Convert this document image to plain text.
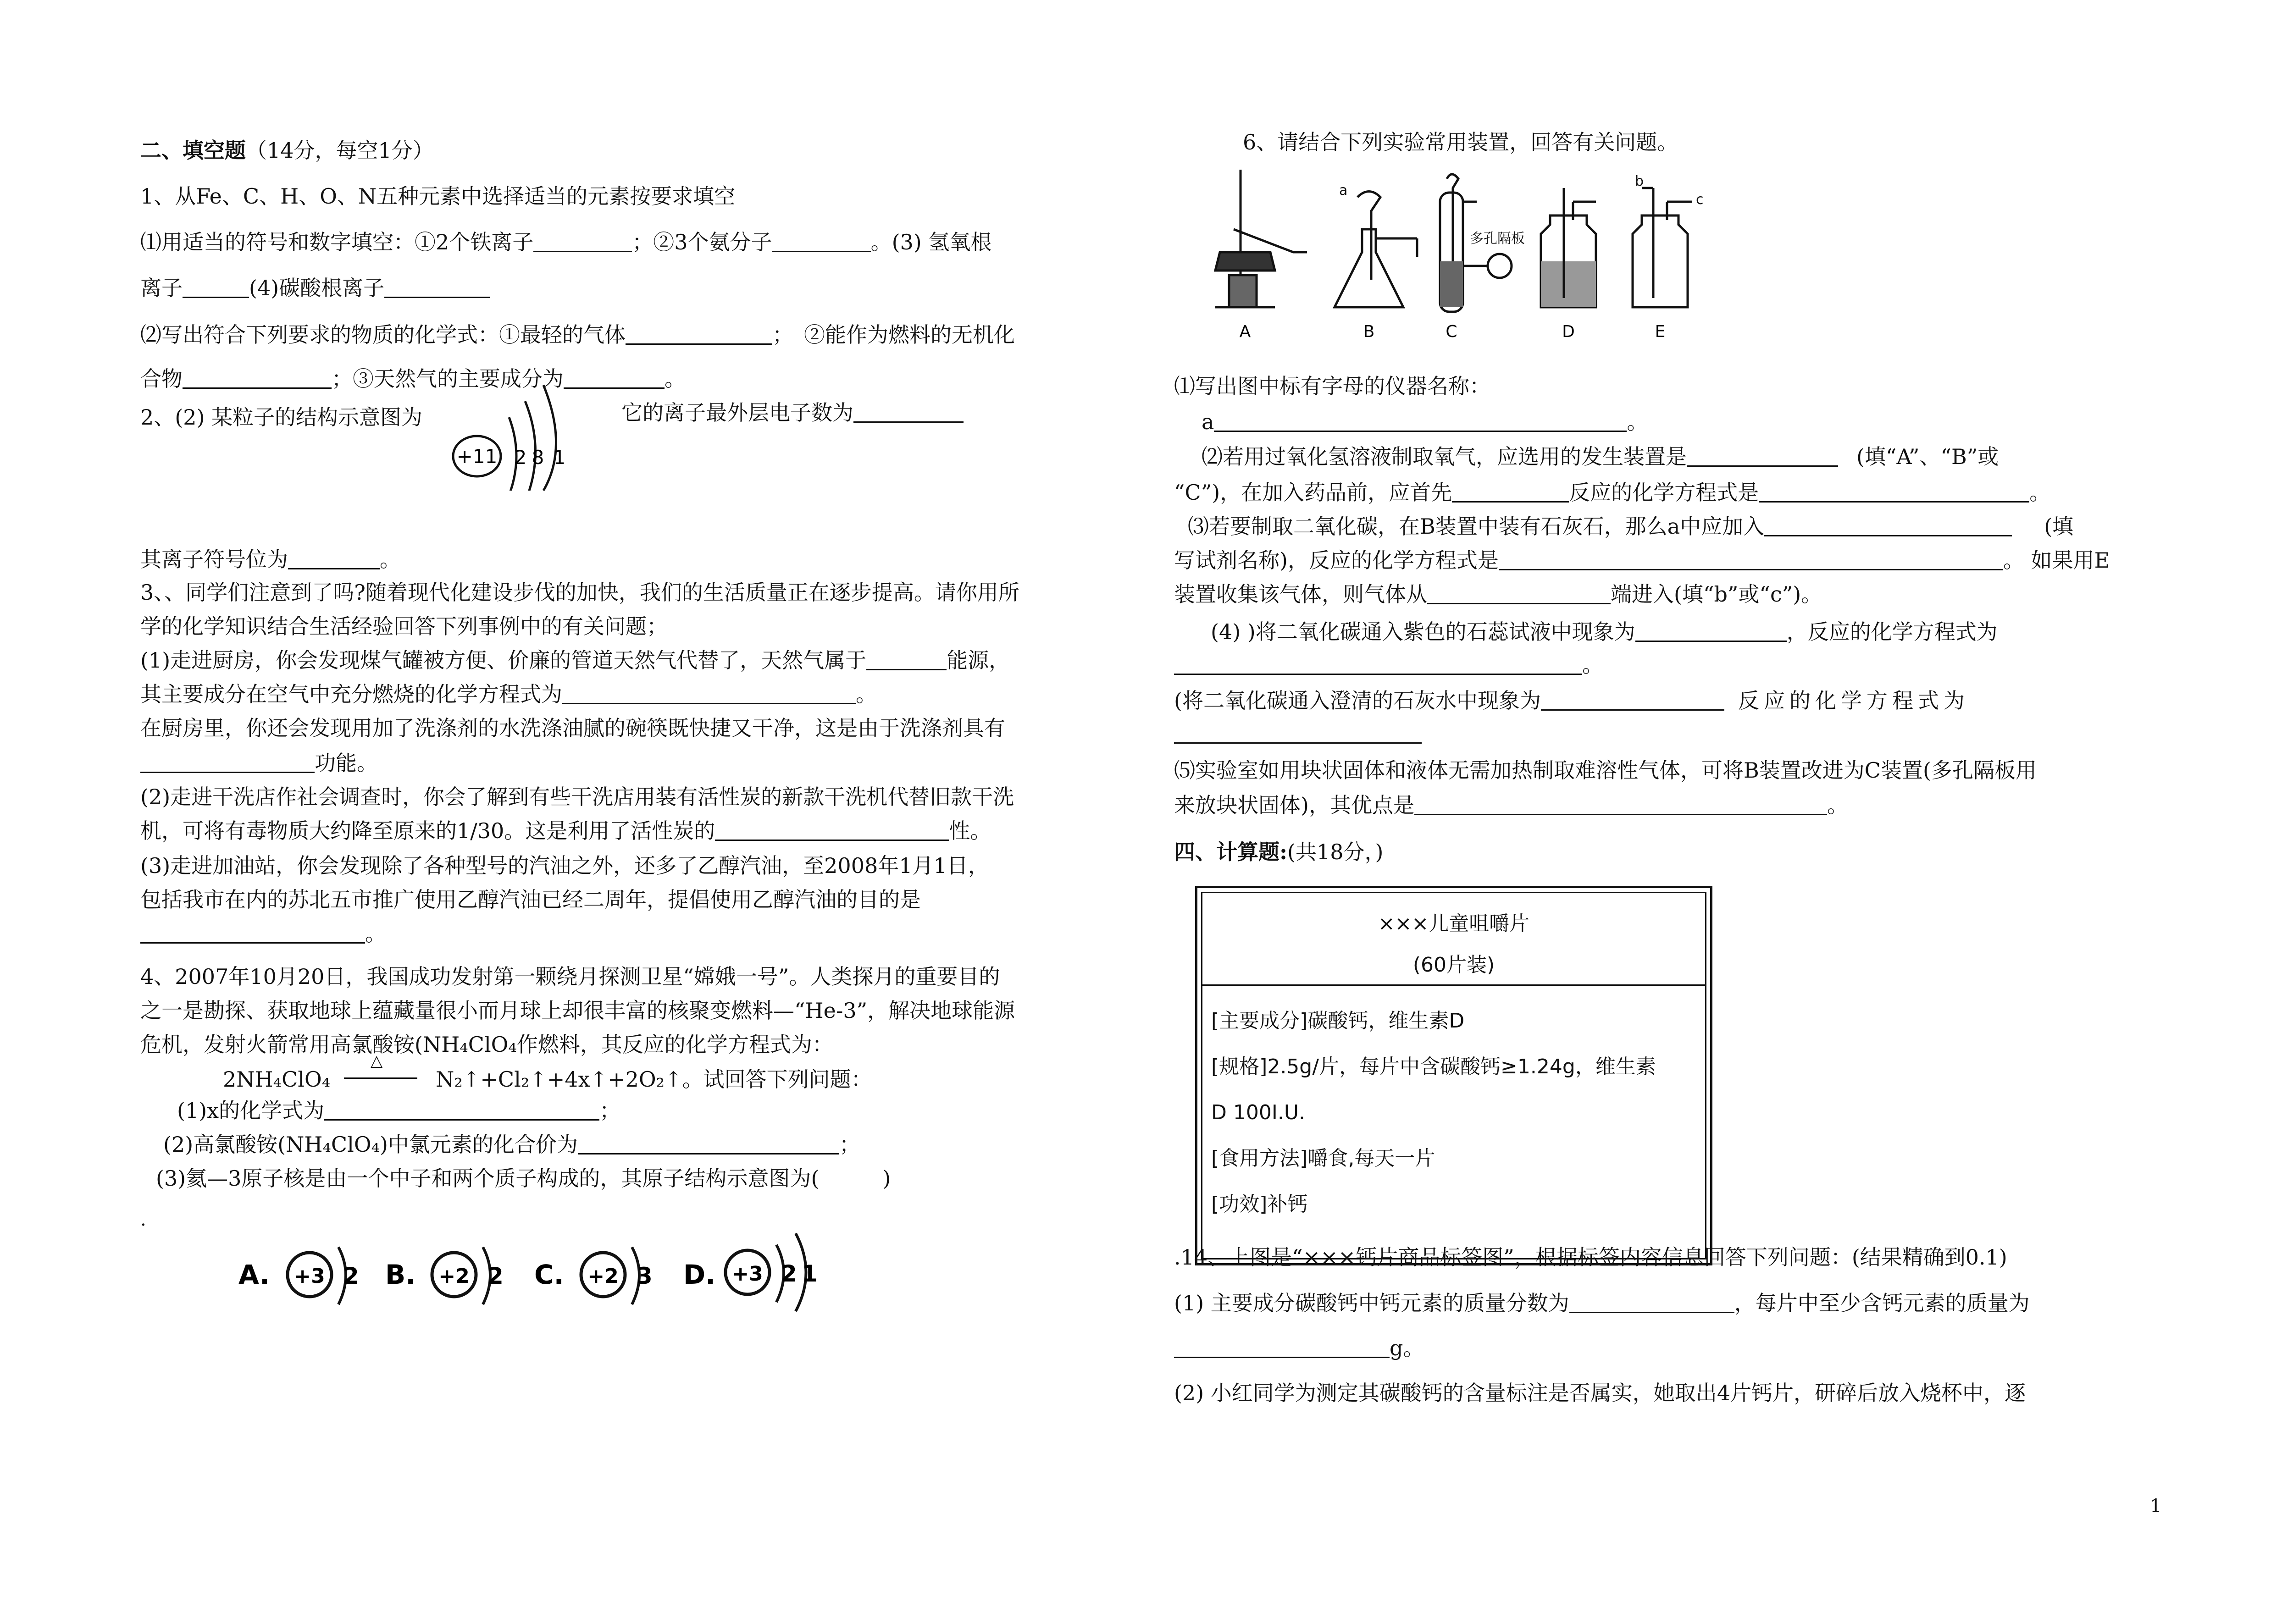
二、填空题（14分，每空1分）
1、从Fe、C、H、O、N五种元素中选择适当的元素按要求填空
⑴用适当的符号和数字填空：①2个铁离子	；②3个氨分子	。(3) 氢氧根
离子	(4)碳酸根离子
⑵写出符合下列要求的物质的化学式：①最轻的气体	；　②能作为燃料的无机化
合物	；③天然气的主要成分为	。
2、(2) 某粒子的结构示意图为
+11 2 8 1
它的离子最外层电子数为
其离子符号位为	。
3、、同学们注意到了吗?随着现代化建设步伐的加快，我们的生活质量正在逐步提高。请你用所
学的化学知识结合生活经验回答下列事例中的有关问题；
(1)走进厨房，你会发现煤气罐被方便、价廉的管道天然气代替了，天然气属于	能源，
其主要成分在空气中充分燃烧的化学方程式为	。
在厨房里，你还会发现用加了洗涤剂的水洗涤油腻的碗筷既快捷又干净，这是由于洗涤剂具有
功能。
(2)走进干洗店作社会调查时，你会了解到有些干洗店用装有活性炭的新款干洗机代替旧款干洗
机，可将有毒物质大约降至原来的1/30。这是利用了活性炭的	性。
(3)走进加油站，你会发现除了各种型号的汽油之外，还多了乙醇汽油，至2008年1月1日，
包括我市在内的苏北五市推广使用乙醇汽油已经二周年，提倡使用乙醇汽油的目的是
。
4、2007年10月20日，我国成功发射第一颗绕月探测卫星“嫦娥一号”。人类探月的重要目的
之一是勘探、获取地球上蕴藏量很小而月球上却很丰富的核聚变燃料—“He-3”，解决地球能源
危机，发射火箭常用高氯酸铵(NH₄ClO₄作燃料，其反应的化学方程式为：
2NH₄ClO₄
△
N₂↑+Cl₂↑+4x↑+2O₂↑。试回答下列问题：
(1)x的化学式为	；
(2)高氯酸铵(NH₄ClO₄)中氯元素的化合价为	；
(3)氦—3原子核是由一个中子和两个质子构成的，其原子结构示意图为(　　　)
.
A. +3 2 B. +2 2 C. +2 3 D. +3 2 1
6、请结合下列实验常用装置，回答有关问题。
a
多孔隔板
b
c
A	B	C	D	E
⑴写出图中标有字母的仪器名称：
a	。
⑵若用过氧化氢溶液制取氧气，应选用的发生装置是	(填“A”、“B”或
“C”)，在加入药品前，应首先	反应的化学方程式是	。
⑶若要制取二氧化碳，在B装置中装有石灰石，那么a中应加入	(填
写试剂名称)，反应的化学方程式是	。 如果用E
装置收集该气体，则气体从	端进入(填“b”或“c”)。
(4) )将二氧化碳通入紫色的石蕊试液中现象为	，反应的化学方程式为
。
(将二氧化碳通入澄清的石灰水中现象为	反应的化学方程式为
⑸实验室如用块状固体和液体无需加热制取难溶性气体，可将B装置改进为C装置(多孔隔板用
来放块状固体)，其优点是	。
四、计算题:(共18分，)
×××儿童咀嚼片
(60片装)
[主要成分]碳酸钙，维生素D
[规格]2.5g/片，每片中含碳酸钙≥1.24g，维生素
D 100I.U.
[食用方法]嚼食,每天一片
[功效]补钙
.14、上图是“×××钙片商品标签图”，根据标签内容信息回答下列问题：(结果精确到0.1)
(1) 主要成分碳酸钙中钙元素的质量分数为	，每片中至少含钙元素的质量为
g。
(2) 小红同学为测定其碳酸钙的含量标注是否属实，她取出4片钙片，研碎后放入烧杯中，逐
1
